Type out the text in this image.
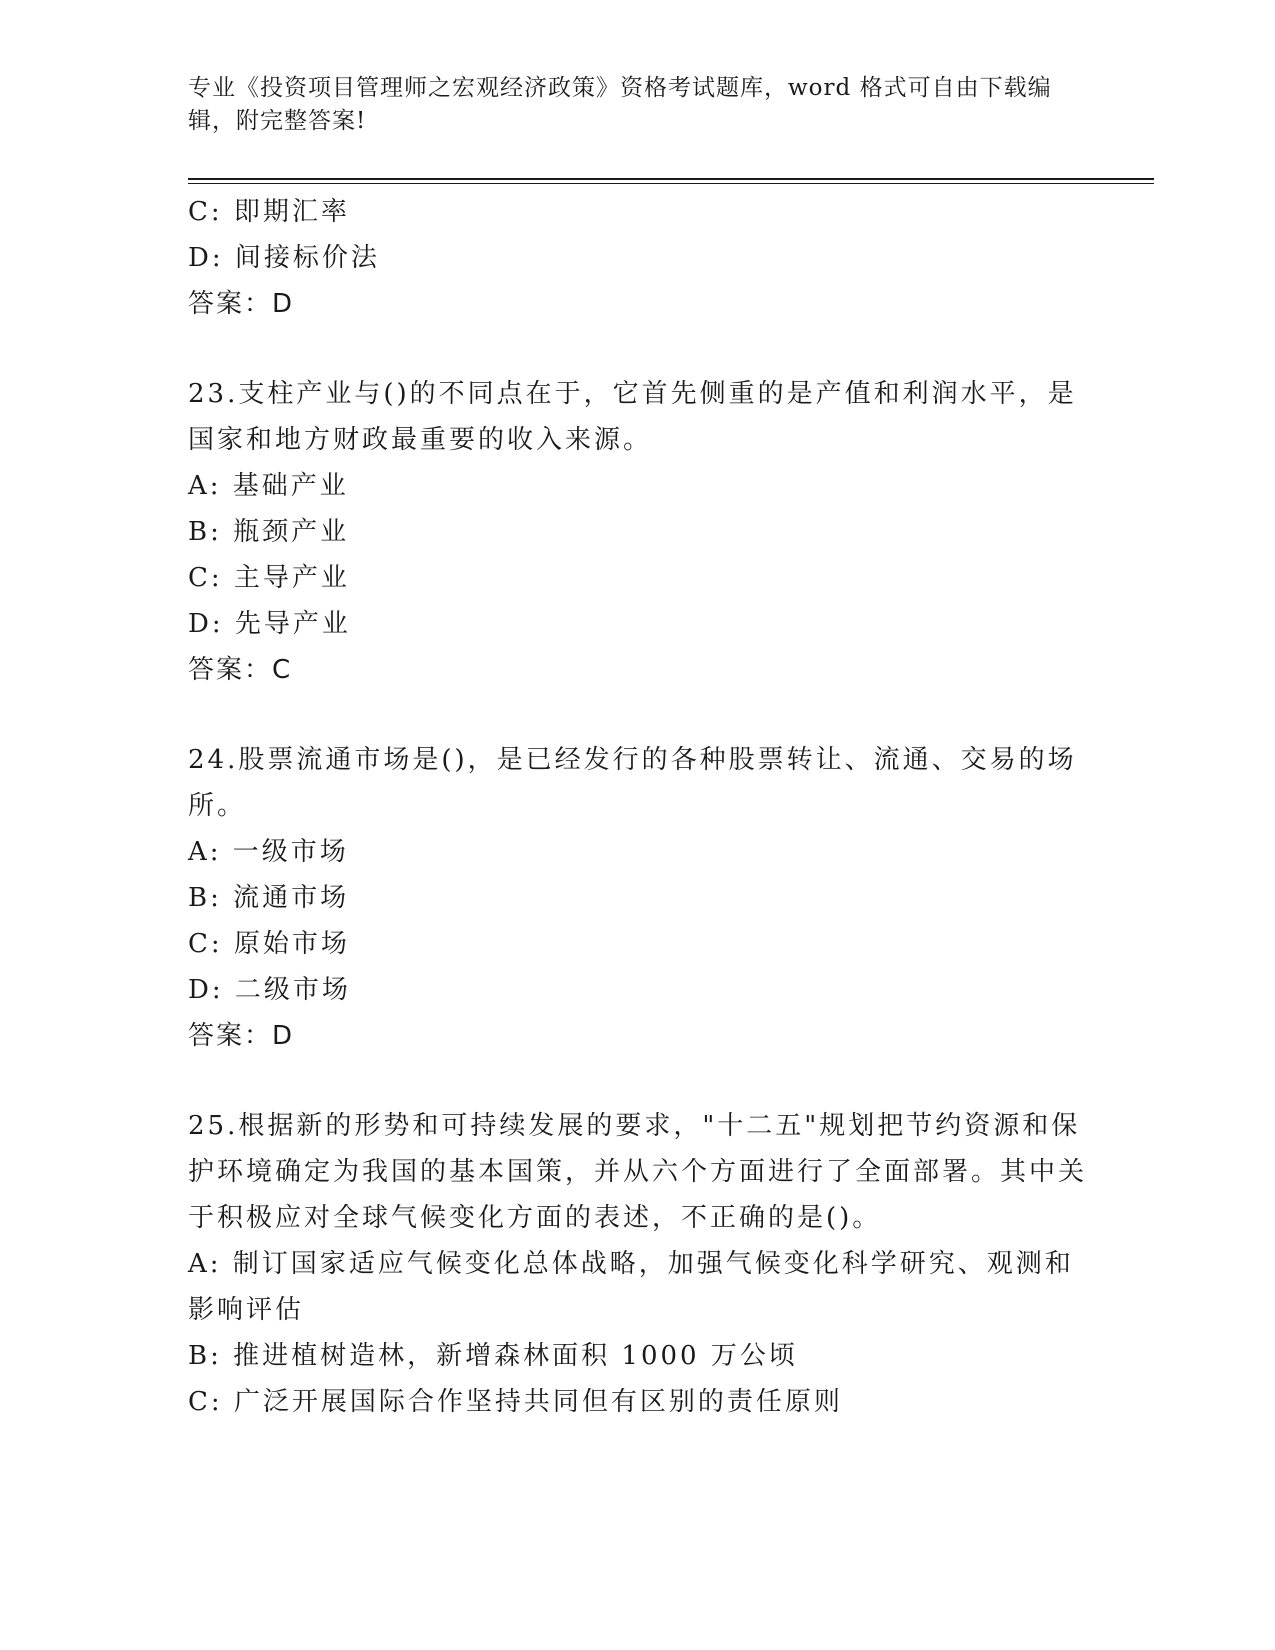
专业《投资项目管理师之宏观经济政策》资格考试题库，word 格式可自由下载编辑，附完整答案!
C: 即期汇率
D: 间接标价法
答案：D
23.支柱产业与()的不同点在于，它首先侧重的是产值和利润水平，是国家和地方财政最重要的收入来源。
A: 基础产业
B: 瓶颈产业
C: 主导产业
D: 先导产业
答案：C
24.股票流通市场是()，是已经发行的各种股票转让、流通、交易的场所。
A: 一级市场
B: 流通市场
C: 原始市场
D: 二级市场
答案：D
25.根据新的形势和可持续发展的要求，"十二五"规划把节约资源和保护环境确定为我国的基本国策，并从六个方面进行了全面部署。其中关于积极应对全球气候变化方面的表述，不正确的是()。
A: 制订国家适应气候变化总体战略，加强气候变化科学研究、观测和影响评估
B: 推进植树造林，新增森林面积 1000 万公顷
C: 广泛开展国际合作坚持共同但有区别的责任原则
